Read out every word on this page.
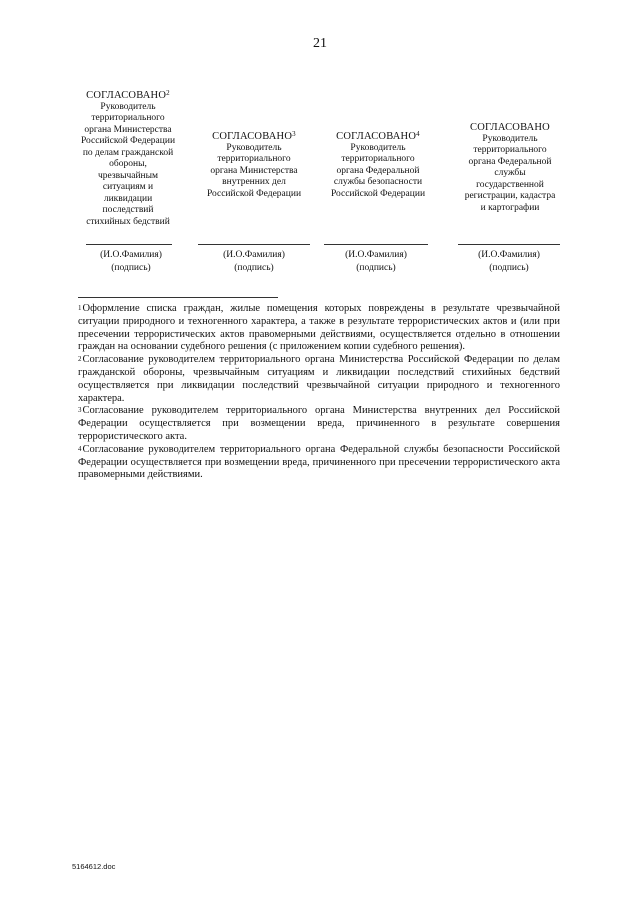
21
СОГЛАСОВАНО$^2$
Руководитель
территориального
органа Министерства
Российской Федерации
по делам гражданской
обороны,
чрезвычайным
ситуациям и
ликвидации
последствий
стихийных бедствий
СОГЛАСОВАНО$^3$
Руководитель
территориального
органа Министерства
внутренних дел
Российской Федерации
СОГЛАСОВАНО$^4$
Руководитель
территориального
органа Федеральной
службы безопасности
Российской Федерации
СОГЛАСОВАНО
Руководитель
территориального
органа Федеральной
службы
государственной
регистрации, кадастра
и картографии
(И.О.Фамилия)
(подпись)
(И.О.Фамилия)
(подпись)
(И.О.Фамилия)
(подпись)
(И.О.Фамилия)
(подпись)

$^1$Оформление списка граждан, жилые помещения которых повреждены в результате чрезвычайной ситуации природного и техногенного характера, а также в результате террористических актов и (или при пресечении террористических актов правомерными действиями, осуществляется отдельно в отношении граждан на основании судебного решения (с приложением копии судебного решения).

$^2$Согласование руководителем территориального органа Министерства Российской Федерации по делам гражданской обороны, чрезвычайным ситуациям и ликвидации последствий стихийных бедствий осуществляется при ликвидации последствий чрезвычайной ситуации природного и техногенного характера.

$^3$Согласование руководителем территориального органа Министерства внутренних дел Российской Федерации осуществляется при возмещении вреда, причиненного в результате совершения террористического акта.

$^4$Согласование руководителем территориального органа Федеральной службы безопасности Российской Федерации осуществляется при возмещении вреда, причиненного при пресечении террористического акта правомерными действиями.

5164612.doc
